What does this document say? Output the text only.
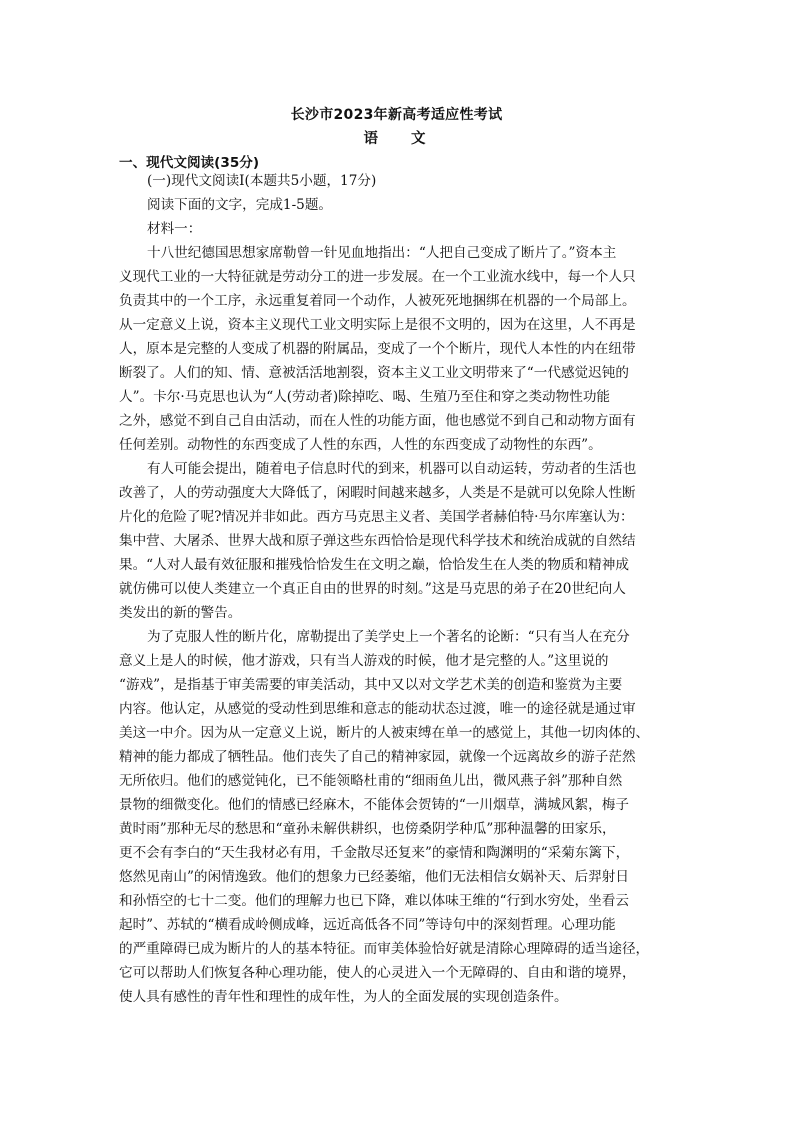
长沙市2023年新高考适应性考试
语 文
一、现代文阅读(35分)
(一)现代文阅读Ⅰ(本题共5小题，17分)
阅读下面的文字，完成1-5题。
材料一：
十八世纪德国思想家席勒曾一针见血地指出：“人把自己变成了断片了。”资本主
义现代工业的一大特征就是劳动分工的进一步发展。在一个工业流水线中，每一个人只
负责其中的一个工序，永远重复着同一个动作，人被死死地捆绑在机器的一个局部上。
从一定意义上说，资本主义现代工业文明实际上是很不文明的，因为在这里，人不再是
人，原本是完整的人变成了机器的附属品，变成了一个个断片，现代人本性的内在纽带
断裂了。人们的知、情、意被活活地割裂，资本主义工业文明带来了“一代感觉迟钝的
人”。卡尔·马克思也认为“人(劳动者)除掉吃、喝、生殖乃至住和穿之类动物性功能
之外，感觉不到自己自由活动，而在人性的功能方面，他也感觉不到自己和动物方面有
任何差别。动物性的东西变成了人性的东西，人性的东西变成了动物性的东西”。
有人可能会提出，随着电子信息时代的到来，机器可以自动运转，劳动者的生活也
改善了，人的劳动强度大大降低了，闲暇时间越来越多，人类是不是就可以免除人性断
片化的危险了呢?情况并非如此。西方马克思主义者、美国学者赫伯特·马尔库塞认为：
集中营、大屠杀、世界大战和原子弹这些东西恰恰是现代科学技术和统治成就的自然结
果。“人对人最有效征服和摧残恰恰发生在文明之巅，恰恰发生在人类的物质和精神成
就仿佛可以使人类建立一个真正自由的世界的时刻。”这是马克思的弟子在20世纪向人
类发出的新的警告。
为了克服人性的断片化，席勒提出了美学史上一个著名的论断：“只有当人在充分
意义上是人的时候，他才游戏，只有当人游戏的时候，他才是完整的人。”这里说的
“游戏”，是指基于审美需要的审美活动，其中又以对文学艺术美的创造和鉴赏为主要
内容。他认定，从感觉的受动性到思维和意志的能动状态过渡，唯一的途径就是通过审
美这一中介。因为从一定意义上说，断片的人被束缚在单一的感觉上，其他一切肉体的、
精神的能力都成了牺牲品。他们丧失了自己的精神家园，就像一个远离故乡的游子茫然
无所依归。他们的感觉钝化，已不能领略杜甫的“细雨鱼儿出，微风燕子斜”那种自然
景物的细微变化。他们的情感已经麻木，不能体会贺铸的“一川烟草，满城风絮，梅子
黄时雨”那种无尽的愁思和“童孙未解供耕织，也傍桑阴学种瓜”那种温馨的田家乐，
更不会有李白的“天生我材必有用，千金散尽还复来”的豪情和陶渊明的“采菊东篱下，
悠然见南山”的闲情逸致。他们的想象力已经萎缩，他们无法相信女娲补天、后羿射日
和孙悟空的七十二变。他们的理解力也已下降，难以体味王维的“行到水穷处，坐看云
起时”、苏轼的“横看成岭侧成峰，远近高低各不同”等诗句中的深刻哲理。心理功能
的严重障碍已成为断片的人的基本特征。而审美体验恰好就是清除心理障碍的适当途径，
它可以帮助人们恢复各种心理功能，使人的心灵进入一个无障碍的、自由和谐的境界，
使人具有感性的青年性和理性的成年性，为人的全面发展的实现创造条件。
